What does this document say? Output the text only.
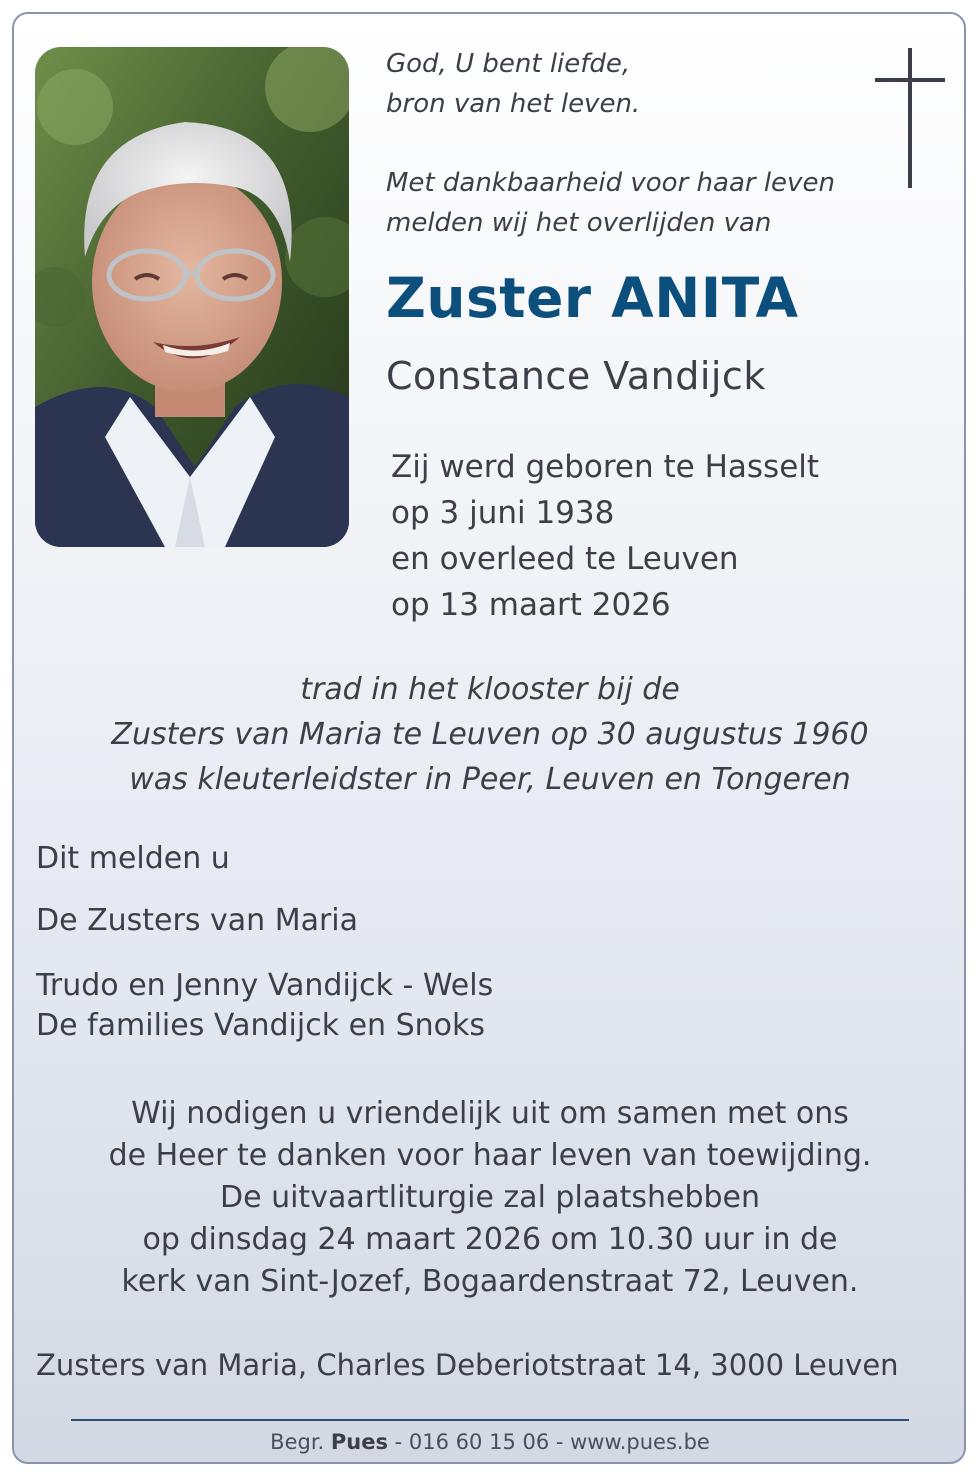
God, U bent liefde,
bron van het leven.
Met dankbaarheid voor haar leven
melden wij het overlijden van
Zuster ANITA
Constance Vandijck
Zij werd geboren te Hasselt
op 3 juni 1938
en overleed te Leuven
op 13 maart 2026
trad in het klooster bij de
Zusters van Maria te Leuven op 30 augustus 1960
was kleuterleidster in Peer, Leuven en Tongeren
Dit melden u
De Zusters van Maria
Trudo en Jenny Vandijck - Wels
De families Vandijck en Snoks
Wij nodigen u vriendelijk uit om samen met ons
de Heer te danken voor haar leven van toewijding.
De uitvaartliturgie zal plaatshebben
op dinsdag 24 maart 2026 om 10.30 uur in de
kerk van Sint-Jozef, Bogaardenstraat 72, Leuven.
Zusters van Maria, Charles Deberiotstraat 14, 3000 Leuven
Begr. Pues - 016 60 15 06 - www.pues.be
